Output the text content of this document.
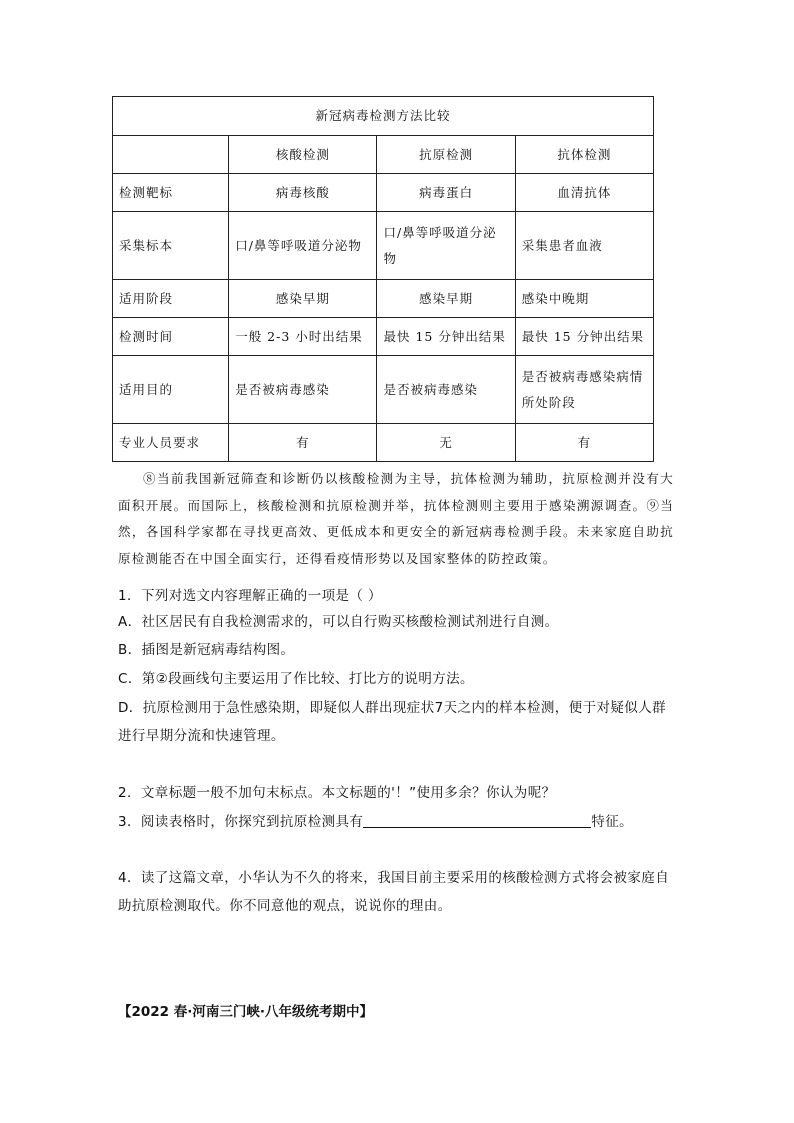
新冠病毒检测方法比较			
	核酸检测	抗原检测	抗体检测
检测靶标	病毒核酸	病毒蛋白	血清抗体
采集标本	口/鼻等呼吸道分泌物	口/鼻等呼吸道分泌物	采集患者血液
适用阶段	感染早期	感染早期	感染中晚期
检测时间	一般 2-3 小时出结果	最快 15 分钟出结果	最快 15 分钟出结果
适用目的	是否被病毒感染	是否被病毒感染	是否被病毒感染病情所处阶段
专业人员要求	有	无	有
⑧当前我国新冠筛查和诊断仍以核酸检测为主导，抗体检测为辅助，抗原检测并没有大面积开展。而国际上，核酸检测和抗原检测并举，抗体检测则主要用于感染溯源调查。⑨当然，各国科学家都在寻找更高效、更低成本和更安全的新冠病毒检测手段。未来家庭自助抗原检测能否在中国全面实行，还得看疫情形势以及国家整体的防控政策。
1．下列对选文内容理解正确的一项是（ ）
A．社区居民有自我检测需求的，可以自行购买核酸检测试剂进行自测。
B．插图是新冠病毒结构图。
C．第②段画线句主要运用了作比较、打比方的说明方法。
D．抗原检测用于急性感染期，即疑似人群出现症状7天之内的样本检测，便于对疑似人群进行早期分流和快速管理。
2．文章标题一般不加句末标点。本文标题的'！”使用多余？你认为呢？
3．阅读表格时，你探究到抗原检测具有	特征。
4．读了这篇文章，小华认为不久的将来，我国目前主要采用的核酸检测方式将会被家庭自助抗原检测取代。你不同意他的观点，说说你的理由。
【2022 春·河南三门峡·八年级统考期中】
